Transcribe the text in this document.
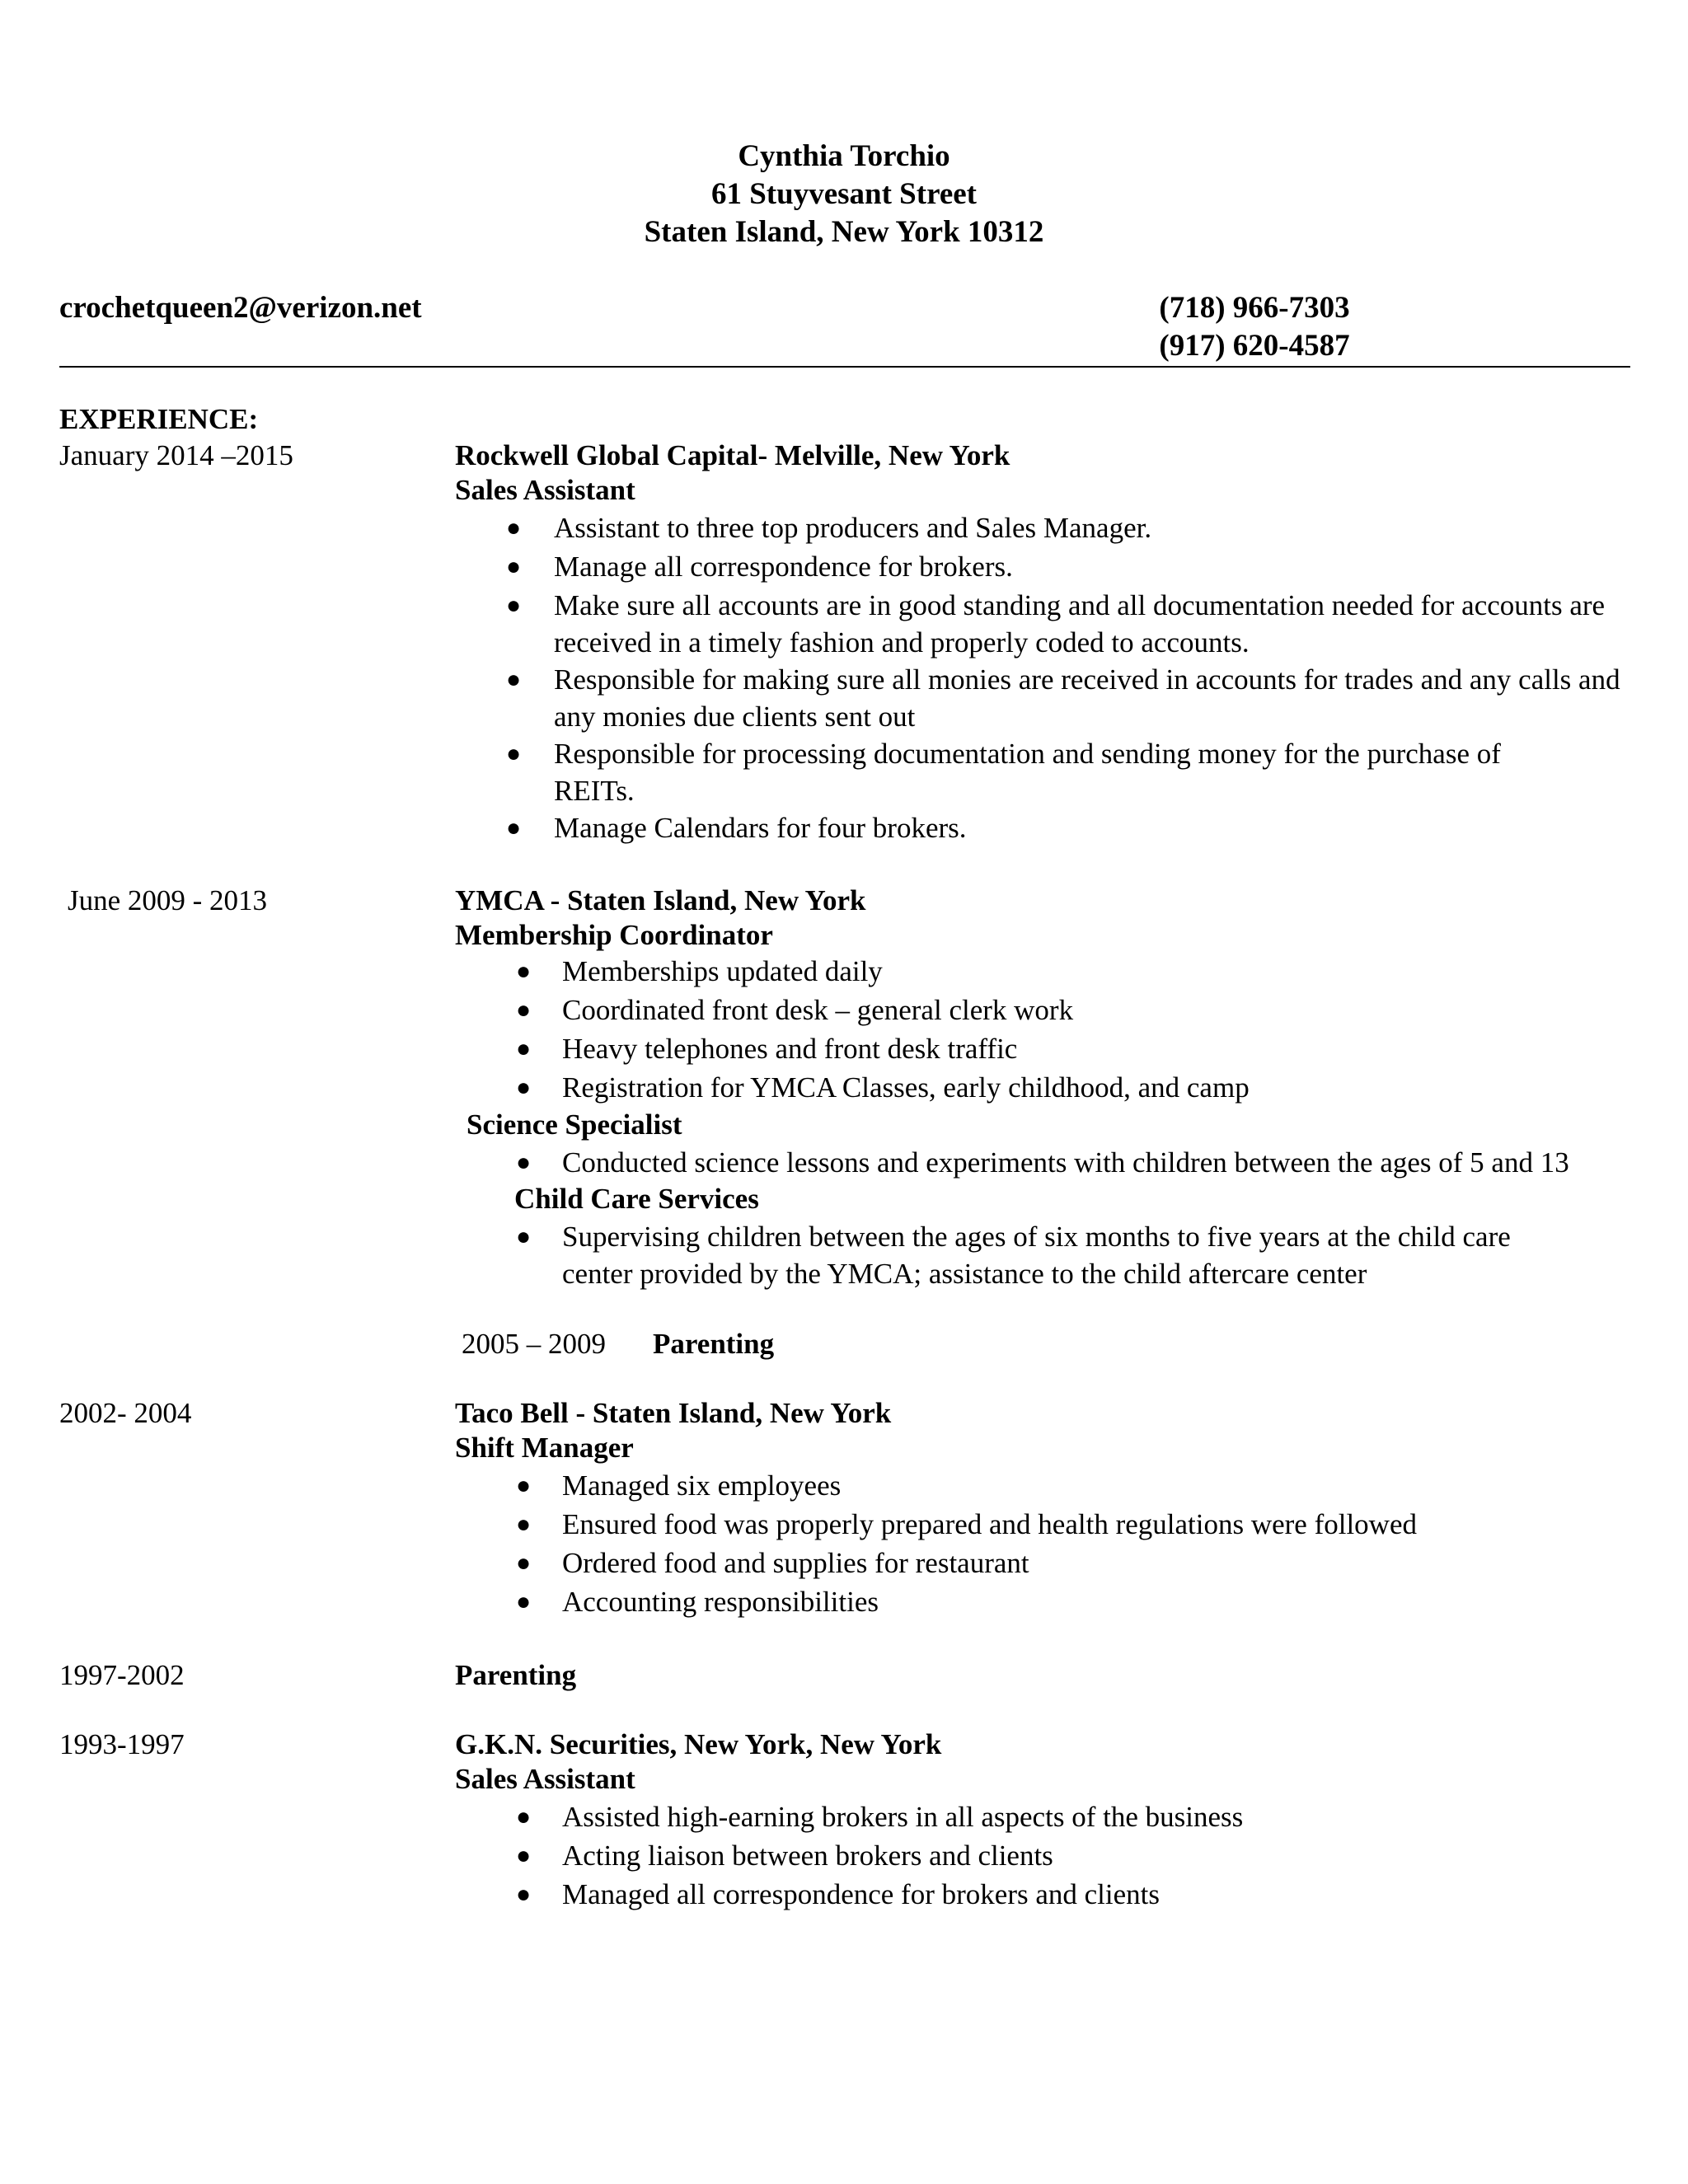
Cynthia Torchio
61 Stuyvesant Street
Staten Island, New York 10312
crochetqueen2@verizon.net	(718) 966-7303
(917) 620-4587
EXPERIENCE:
January 2014 –2015	Rockwell Global Capital- Melville, New York
Sales Assistant
●	Assistant to three top producers and Sales Manager.
●	Manage all correspondence for brokers.
●	Make sure all accounts are in good standing and all documentation needed for accounts are received in a timely fashion and properly coded to accounts.
●	Responsible for making sure all monies are received in accounts for trades and any calls and any monies due clients sent out
●	Responsible for processing documentation and sending money for the purchase of REITs.
●	Manage Calendars for four brokers.
June 2009 - 2013	YMCA - Staten Island, New York
Membership Coordinator
●	Memberships updated daily
●	Coordinated front desk – general clerk work
●	Heavy telephones and front desk traffic
●	Registration for YMCA Classes, early childhood, and camp
Science Specialist
●	Conducted science lessons and experiments with children between the ages of 5 and 13
Child Care Services
●	Supervising children between the ages of six months to five years at the child care center provided by the YMCA; assistance to the child aftercare center
2005 – 2009 Parenting
2002- 2004	Taco Bell - Staten Island, New York
Shift Manager
●	Managed six employees
●	Ensured food was properly prepared and health regulations were followed
●	Ordered food and supplies for restaurant
●	Accounting responsibilities
1997-2002	Parenting
1993-1997	G.K.N. Securities, New York, New York
Sales Assistant
●	Assisted high-earning brokers in all aspects of the business
●	Acting liaison between brokers and clients
●	Managed all correspondence for brokers and clients
